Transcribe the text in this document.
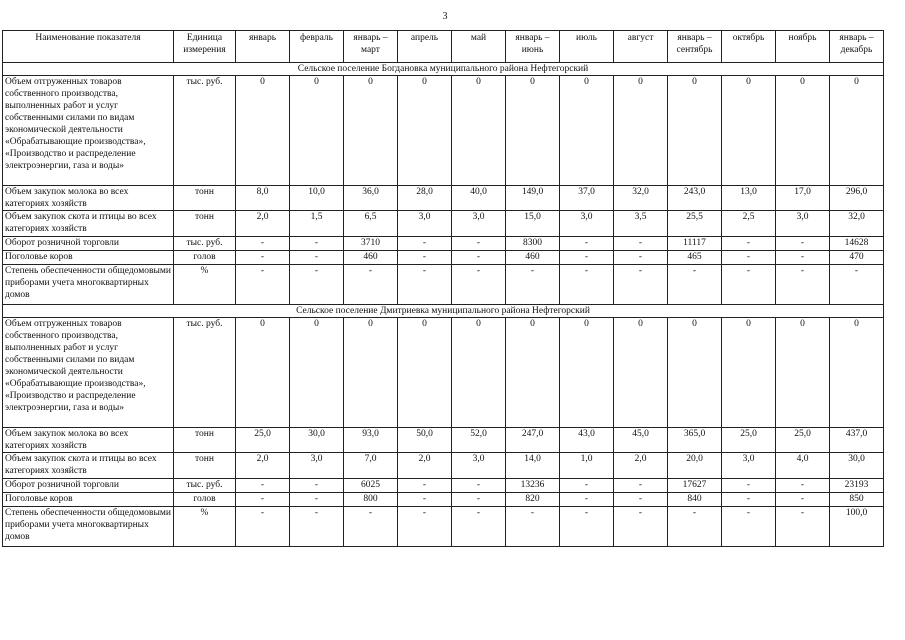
3
Наименование показателя	Единица измерения	январь	февраль	январь – март	апрель	май	январь – июнь	июль	август	январь – сентябрь	октябрь	ноябрь	январь – декабрь
Сельское поселение Богдановка муниципального района Нефтегорский													
Объем отгруженных товаров собственного производства, выполненных работ и услуг собственными силами по видам экономической деятельности «Обрабатывающие производства», «Производство и распределение электроэнергии, газа и воды»	тыс. руб.	0	0	0	0	0	0	0	0	0	0	0	0
Объем закупок молока во всех категориях хозяйств	тонн	8,0	10,0	36,0	28,0	40,0	149,0	37,0	32,0	243,0	13,0	17,0	296,0
Объем закупок скота и птицы во всех категориях хозяйств	тонн	2,0	1,5	6,5	3,0	3,0	15,0	3,0	3,5	25,5	2,5	3,0	32,0
Оборот розничной торговли	тыс. руб.	-	-	3710	-	-	8300	-	-	11117	-	-	14628
Поголовье коров	голов	-	-	460	-	-	460	-	-	465	-	-	470
Степень обеспеченности общедомовыми приборами учета многоквартирных домов	%	-	-	-	-	-	-	-	-	-	-	-	-
Сельское поселение Дмитриевка муниципального района Нефтегорский													
Объем отгруженных товаров собственного производства, выполненных работ и услуг собственными силами по видам экономической деятельности «Обрабатывающие производства», «Производство и распределение электроэнергии, газа и воды»	тыс. руб.	0	0	0	0	0	0	0	0	0	0	0	0
Объем закупок молока во всех категориях хозяйств	тонн	25,0	30,0	93,0	50,0	52,0	247,0	43,0	45,0	365,0	25,0	25,0	437,0
Объем закупок скота и птицы во всех категориях хозяйств	тонн	2,0	3,0	7,0	2,0	3,0	14,0	1,0	2,0	20,0	3,0	4,0	30,0
Оборот розничной торговли	тыс. руб.	-	-	6025	-	-	13236	-	-	17627	-	-	23193
Поголовье коров	голов	-	-	800	-	-	820	-	-	840	-	-	850
Степень обеспеченности общедомовыми приборами учета многоквартирных домов	%	-	-	-	-	-	-	-	-	-	-	-	100,0
